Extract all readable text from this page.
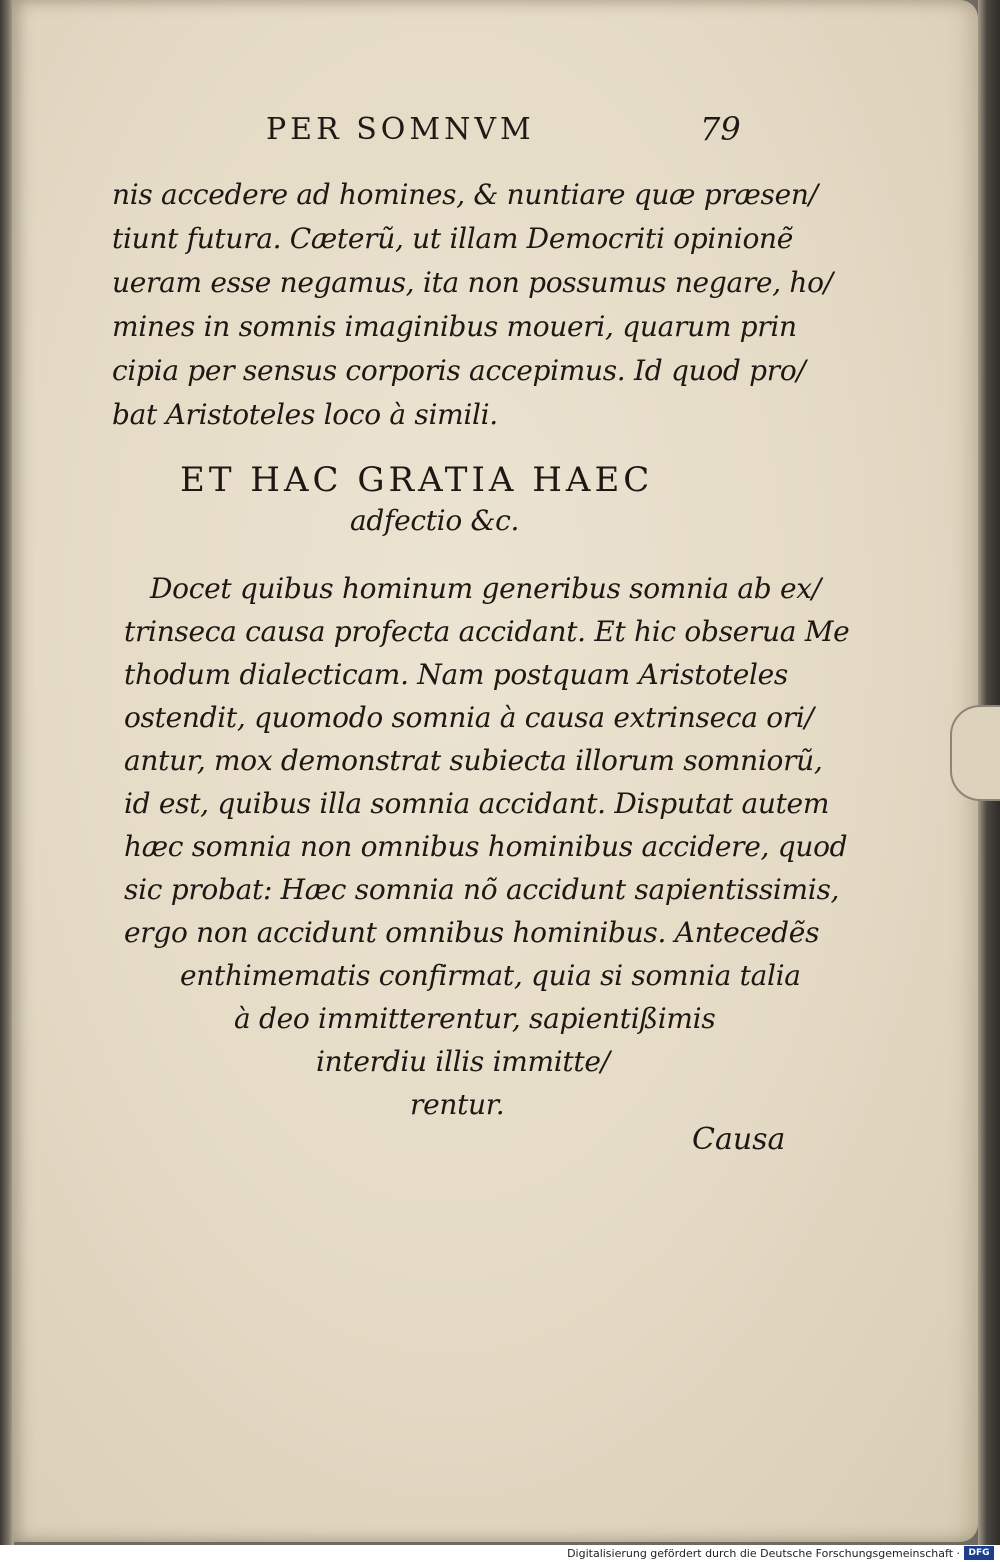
PER SOMNVM	79
nis accedere ad homines, & nuntiare quæ præsen/
tiunt futura. Cæterũ, ut illam Democriti opinionẽ
ueram esse negamus, ita non possumus negare, ho/
mines in somnis imaginibus moueri, quarum prin
cipia per sensus corporis accepimus. Id quod pro/
bat Aristoteles loco à simili.
ET HAC GRATIA HAEC
adfectio &c.
Docet quibus hominum generibus somnia ab ex/
trinseca causa profecta accidant. Et hic obserua Me
thodum dialecticam. Nam postquam Aristoteles
ostendit, quomodo somnia à causa extrinseca ori/
antur, mox demonstrat subiecta illorum somniorũ,
id est, quibus illa somnia accidant. Disputat autem
hæc somnia non omnibus hominibus accidere, quod
sic probat: Hæc somnia nõ accidunt sapientissimis,
ergo non accidunt omnibus hominibus. Antecedẽs
enthimematis confirmat, quia si somnia talia
à deo immitterentur, sapientißimis
interdiu illis immitte/
rentur.
Causa
Digitalisierung gefördert durch die Deutsche Forschungsgemeinschaft · DFG
